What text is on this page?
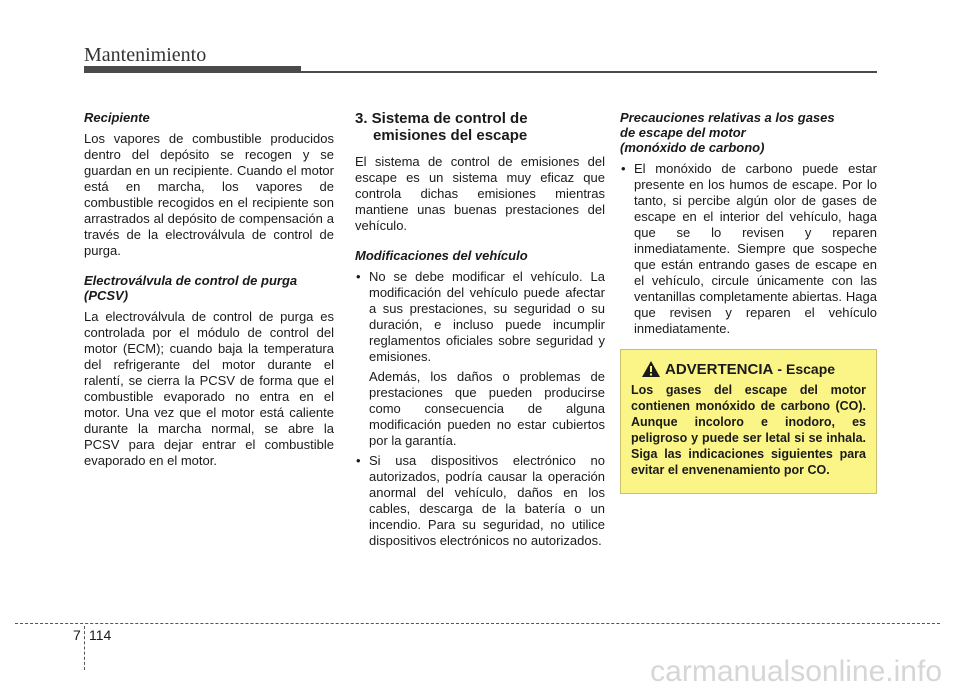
Mantenimiento
Recipiente

Los vapores de combustible producidos dentro del depósito se recogen y se guardan en un recipiente. Cuando el motor está en marcha, los vapores de combustible recogidos en el recipiente son arrastrados al depósito de compensación a través de la electroválvula de control de purga.

Electroválvula de control de purga (PCSV)

La electroválvula de control de purga es controlada por el módulo de control del motor (ECM); cuando baja la temperatura del refrigerante del motor durante el ralentí, se cierra la PCSV de forma que el combustible evaporado no entra en el motor. Una vez que el motor está caliente durante la marcha normal, se abre la PCSV para dejar entrar el combustible evaporado en el motor.

3. Sistema de control de
emisiones del escape

El sistema de control de emisiones del escape es un sistema muy eficaz que controla dichas emisiones mientras mantiene unas buenas prestaciones del vehículo.

Modificaciones del vehículo
• No se debe modificar el vehículo. La modificación del vehículo puede afectar a sus prestaciones, su seguridad o su duración, e incluso puede incumplir reglamentos oficiales sobre seguridad y emisiones.
Además, los daños o problemas de prestaciones que pueden producirse como consecuencia de alguna modificación pueden no estar cubiertos por la garantía.
• Si usa dispositivos electrónico no autorizados, podría causar la operación anormal del vehículo, daños en los cables, descarga de la batería o un incendio. Para su seguridad, no utilice dispositivos electrónicos no autorizados.
Precauciones relativas a los gases
de escape del motor
(monóxido de carbono)
• El monóxido de carbono puede estar presente en los humos de escape. Por lo tanto, si percibe algún olor de gases de escape en el interior del vehículo, haga que se lo revisen y reparen inmediatamente. Siempre que sospeche que están entrando gases de escape en el vehículo, circule únicamente con las ventanillas completamente abiertas. Haga que revisen y reparen el vehículo inmediatamente.
ADVERTENCIA - Escape
Los gases del escape del motor contienen monóxido de carbono (CO). Aunque incoloro e inodoro, es peligroso y puede ser letal si se inhala. Siga las indicaciones siguientes para evitar el envenenamiento por CO.
7 114
carmanualsonline.info
